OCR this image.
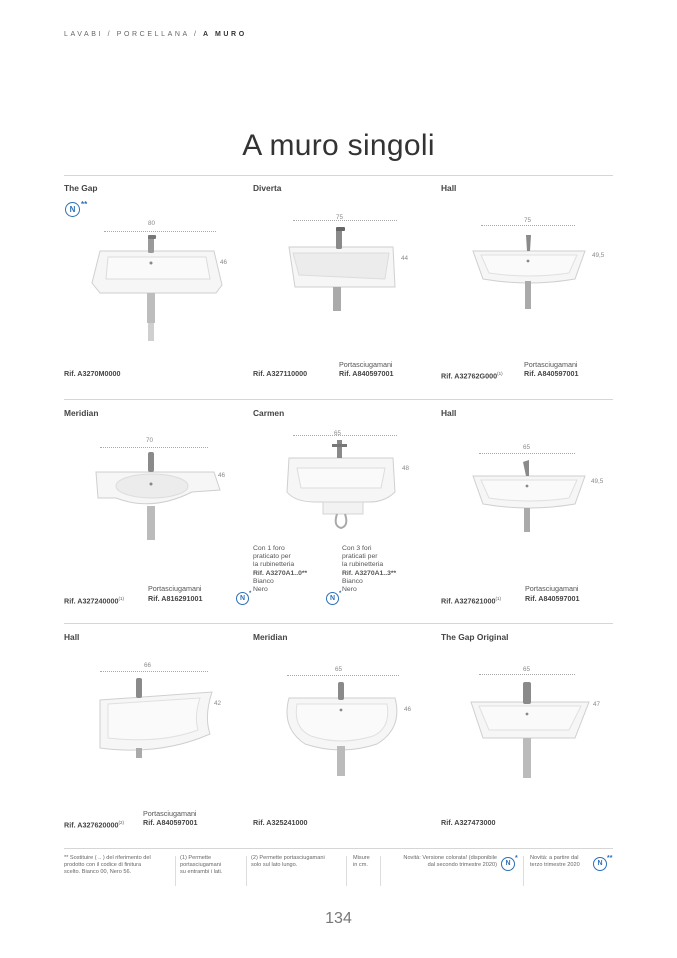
LAVABI / PORCELLANA / A MURO
A muro singoli
The Gap
N
**
80
46
Rif. A3270M0000
Diverta
75
44
Portasciugamani
Rif. A327110000	Rif. A840597001
Hall
75
49,5
Portasciugamani
Rif. A32762G000$^{(1)}$	Rif. A840597001
Meridian
70
46
Portasciugamani
Rif. A327240000$^{(1)}$	Rif. A816291001
Carmen
65
48
Con 1 foro
praticato per
la rubinetteria
Rif. A3270A1..0**
Bianco
Nero
Con 3 fori
praticati per
la rubinetteria
Rif. A3270A1..3**
Bianco
Nero
N
*
N
*
Hall
65
49,5
Portasciugamani
Rif. A327621000$^{(1)}$	Rif. A840597001
Hall
66
42
Portasciugamani
Rif. A327620000$^{(2)}$	Rif. A840597001
Meridian
65
46
Rif. A325241000
The Gap Original
65
47
Rif. A327473000
** Sostituire ( .. ) del riferimento del
prodotto con il codice di finitura
scelto. Bianco 00, Nero 56.
(1) Permette
portasciugamani
su entrambi i lati.
(2) Permette portasciugamani
solo sul lato lungo.
Misure
in cm.
Novità: Versione colorata! (disponibile
dal secondo trimestre 2020)	N
* Novità: a partire dal
terzo trimestre 2020	N
**
134
